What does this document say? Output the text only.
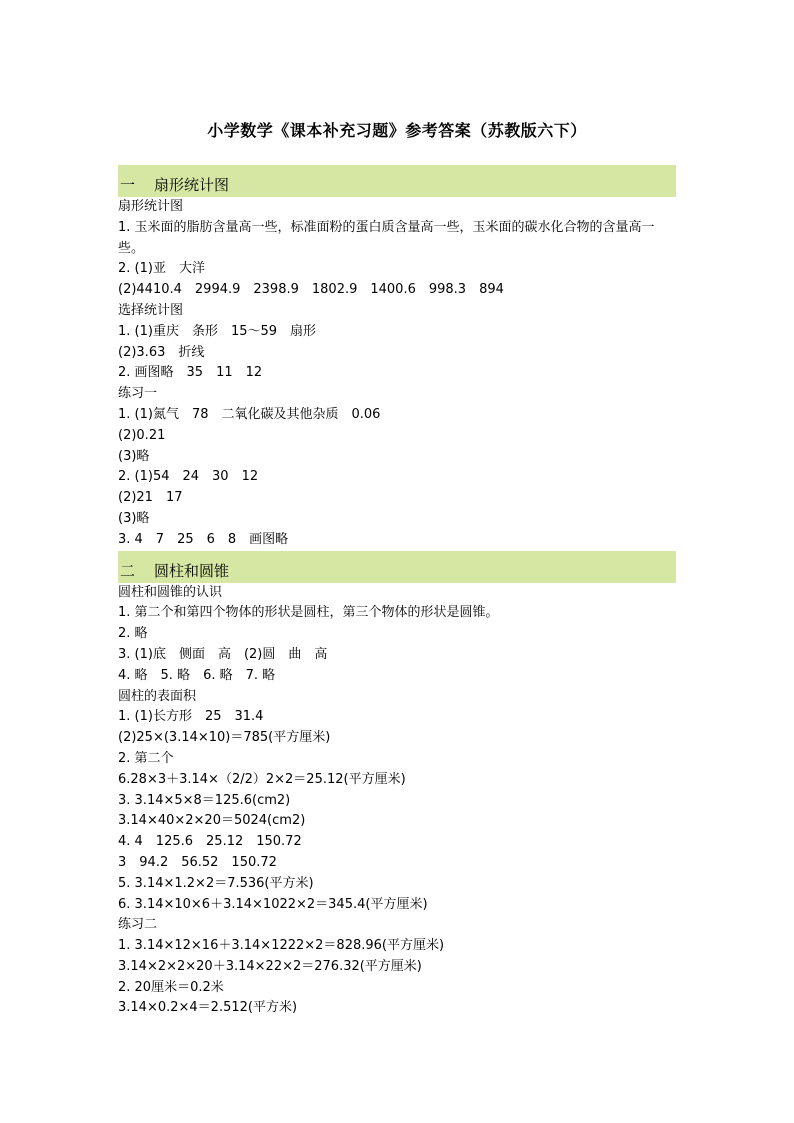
小学数学《课本补充习题》参考答案（苏教版六下）
一	扇形统计图
扇形统计图
1. 玉米面的脂肪含量高一些，标准面粉的蛋白质含量高一些，玉米面的碳水化合物的含量高一些。
2. (1)亚　大洋
(2)4410.4　2994.9　2398.9　1802.9　1400.6　998.3　894
选择统计图
1. (1)重庆　条形　15～59　扇形
(2)3.63　折线
2. 画图略　35　11　12
练习一
1. (1)氮气　78　二氧化碳及其他杂质　0.06
(2)0.21
(3)略
2. (1)54　24　30　12
(2)21　17
(3)略
3. 4　7　25　6　8　画图略
二	圆柱和圆锥
圆柱和圆锥的认识
1. 第二个和第四个物体的形状是圆柱，第三个物体的形状是圆锥。
2. 略
3. (1)底　侧面　高　(2)圆　曲　高
4. 略　5. 略　6. 略　7. 略
圆柱的表面积
1. (1)长方形　25　31.4
(2)25×(3.14×10)＝785(平方厘米)
2. 第二个
6.28×3＋3.14×（2/2）2×2＝25.12(平方厘米)
3. 3.14×5×8＝125.6(cm2)
3.14×40×2×20＝5024(cm2)
4. 4　125.6　25.12　150.72
3　94.2　56.52　150.72
5. 3.14×1.2×2＝7.536(平方米)
6. 3.14×10×6＋3.14×1022×2＝345.4(平方厘米)
练习二
1. 3.14×12×16＋3.14×1222×2＝828.96(平方厘米)
3.14×2×2×20＋3.14×22×2＝276.32(平方厘米)
2. 20厘米＝0.2米
3.14×0.2×4＝2.512(平方米)
